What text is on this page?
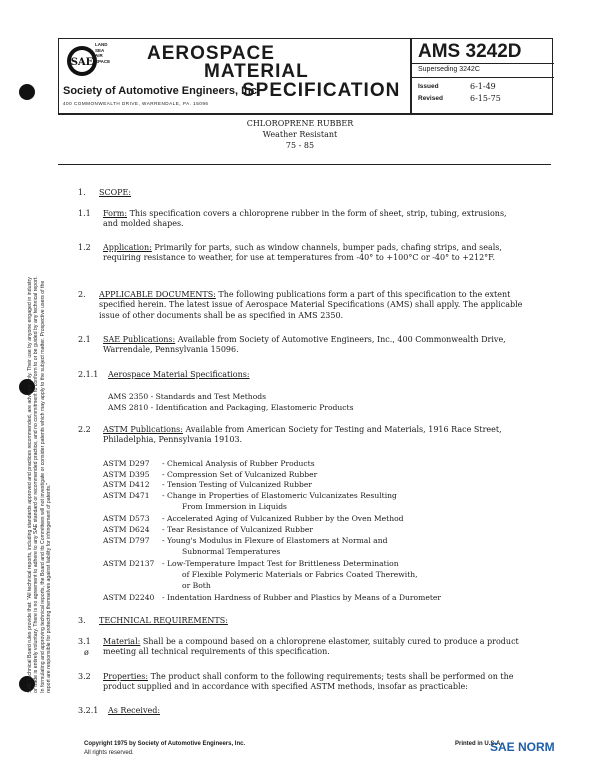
SAE Technical Board rules provide that: "All technical reports, including standards approved and practices recommended, are advisory only. Their use by anyone engaged in industry or trade is entirely voluntary. There is no agreement to adhere to any SAE standard or recommended practice, and no commitment to conform to or be guided by any technical report. In formulating and approving technical reports, the Board and its Committees will not investigate or consider patents which may apply to the subject matter. Prospective users of the report are responsible for protecting themselves against liability for infringement of patents."
SAE
LAND
SEA
AIR
SPACE AEROSPACE
MATERIAL
SPECIFICATION
Society of Automotive Engineers, Inc.
400 COMMONWEALTH DRIVE, WARRENDALE, PA. 15096
AMS 3242D
Superseding 3242C
Issued	6-1-49
Revised	6-15-75
CHLOROPRENE RUBBER
Weather Resistant
75 - 85
1. SCOPE:
1.1 Form: This specification covers a chloroprene rubber in the form of sheet, strip, tubing, extrusions, and molded shapes.
1.2 Application: Primarily for parts, such as window channels, bumper pads, chafing strips, and seals, requiring resistance to weather, for use at temperatures from -40° to +100°C or -40° to +212°F.
2. APPLICABLE DOCUMENTS: The following publications form a part of this specification to the extent specified herein. The latest issue of Aerospace Material Specifications (AMS) shall apply. The applicable issue of other documents shall be as specified in AMS 2350.
2.1 SAE Publications: Available from Society of Automotive Engineers, Inc., 400 Commonwealth Drive, Warrendale, Pennsylvania 15096.
2.1.1 Aerospace Material Specifications:
AMS 2350 - Standards and Test Methods
AMS 2810 - Identification and Packaging, Elastomeric Products
2.2 ASTM Publications: Available from American Society for Testing and Materials, 1916 Race Street, Philadelphia, Pennsylvania 19103.
ASTM D297 - Chemical Analysis of Rubber Products
ASTM D395 - Compression Set of Vulcanized Rubber
ASTM D412 - Tension Testing of Vulcanized Rubber
ASTM D471 - Change in Properties of Elastomeric Vulcanizates Resulting
From Immersion in Liquids
ASTM D573 - Accelerated Aging of Vulcanized Rubber by the Oven Method
ASTM D624 - Tear Resistance of Vulcanized Rubber
ASTM D797 - Young's Modulus in Flexure of Elastomers at Normal and
Subnormal Temperatures
ASTM D2137 - Low-Temperature Impact Test for Brittleness Determination
of Flexible Polymeric Materials or Fabrics Coated Therewith,
or Both
ASTM D2240 - Indentation Hardness of Rubber and Plastics by Means of a Durometer
3. TECHNICAL REQUIREMENTS:
3.1
ø
Material: Shall be a compound based on a chloroprene elastomer, suitably cured to produce a product meeting all technical requirements of this specification.
3.2 Properties: The product shall conform to the following requirements; tests shall be performed on the product supplied and in accordance with specified ASTM methods, insofar as practicable:
3.2.1 As Received:
Copyright 1975 by Society of Automotive Engineers, Inc.
All rights reserved.
Printed in U.S.A.
SAE NORM
